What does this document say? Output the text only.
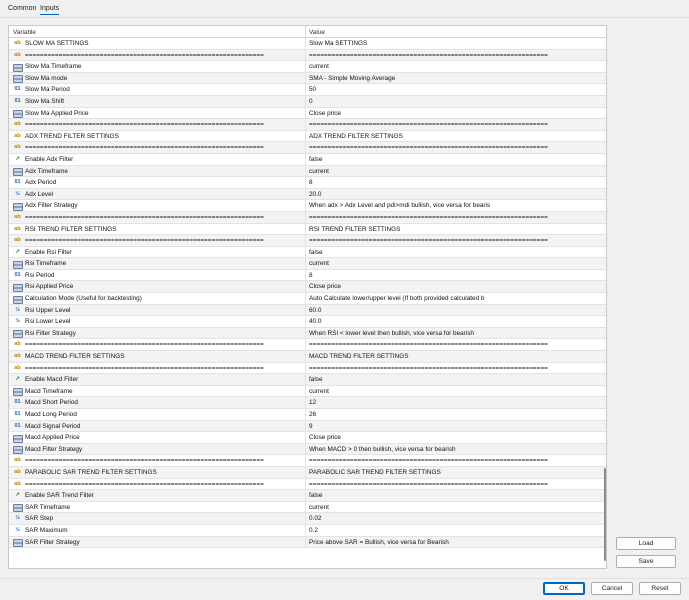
Common Inputs
Variable	Value
ab SLOW MA SETTINGS	Slow Ma SETTINGS
ab ================================================================	================================================================
Slow Ma Timeframe	current
Slow Ma mode	SMA - Simple Moving Average
01 Slow Ma Period	50
01 Slow Ma Shift	0
Slow Ma Applied Price	Close price
ab ================================================================	================================================================
ab ADX TREND FILTER SETTINGS	ADX TREND FILTER SETTINGS
ab ================================================================	================================================================
↗ Enable Adx Filter	false
Adx Timeframe	current
01 Adx Period	8
½ Adx Level	20.0
Adx Filter Strategy	When adx > Adx Level and pdi>mdi bullish, vice versa for bearis
ab ================================================================	================================================================
ab RSI TREND FILTER SETTINGS	RSI TREND FILTER SETTINGS
ab ================================================================	================================================================
↗ Enable Rsi Filter	false
Rsi Timeframe	current
01 Rsi Period	8
Rsi Applied Price	Close price
Calculation Mode (Useful for backtesting)	Auto Calculate lower/upper level (If both provided calculated b
½ Rsi Upper Level	60.0
½ Rsi Lower Level	40.0
Rsi Filter Strategy	When RSI < lower level then bullish, vice versa for bearish
ab ================================================================	================================================================
ab MACD TREND FILTER SETTINGS	MACD TREND FILTER SETTINGS
ab ================================================================	================================================================
↗ Enable Macd Filter	false
Macd Timeframe	current
01 Macd Short Period	12
01 Macd Long Period	26
01 Macd Signal Period	9
Macd Applied Price	Close price
Macd Filter Strategy	When MACD > 0 then bullish, vice versa for bearish
ab ================================================================	================================================================
ab PARABOLIC SAR TREND FILTER SETTINGS	PARABOLIC SAR TREND FILTER SETTINGS
ab ================================================================	================================================================
↗ Enable SAR Trend Filter	false
SAR Timeframe	current
½ SAR Step	0.02
½ SAR Maximum	0.2
SAR Filter Strategy	Price above SAR = Bullish, vice versa for Bearish	Load
Save
OK	Cancel	Reset
